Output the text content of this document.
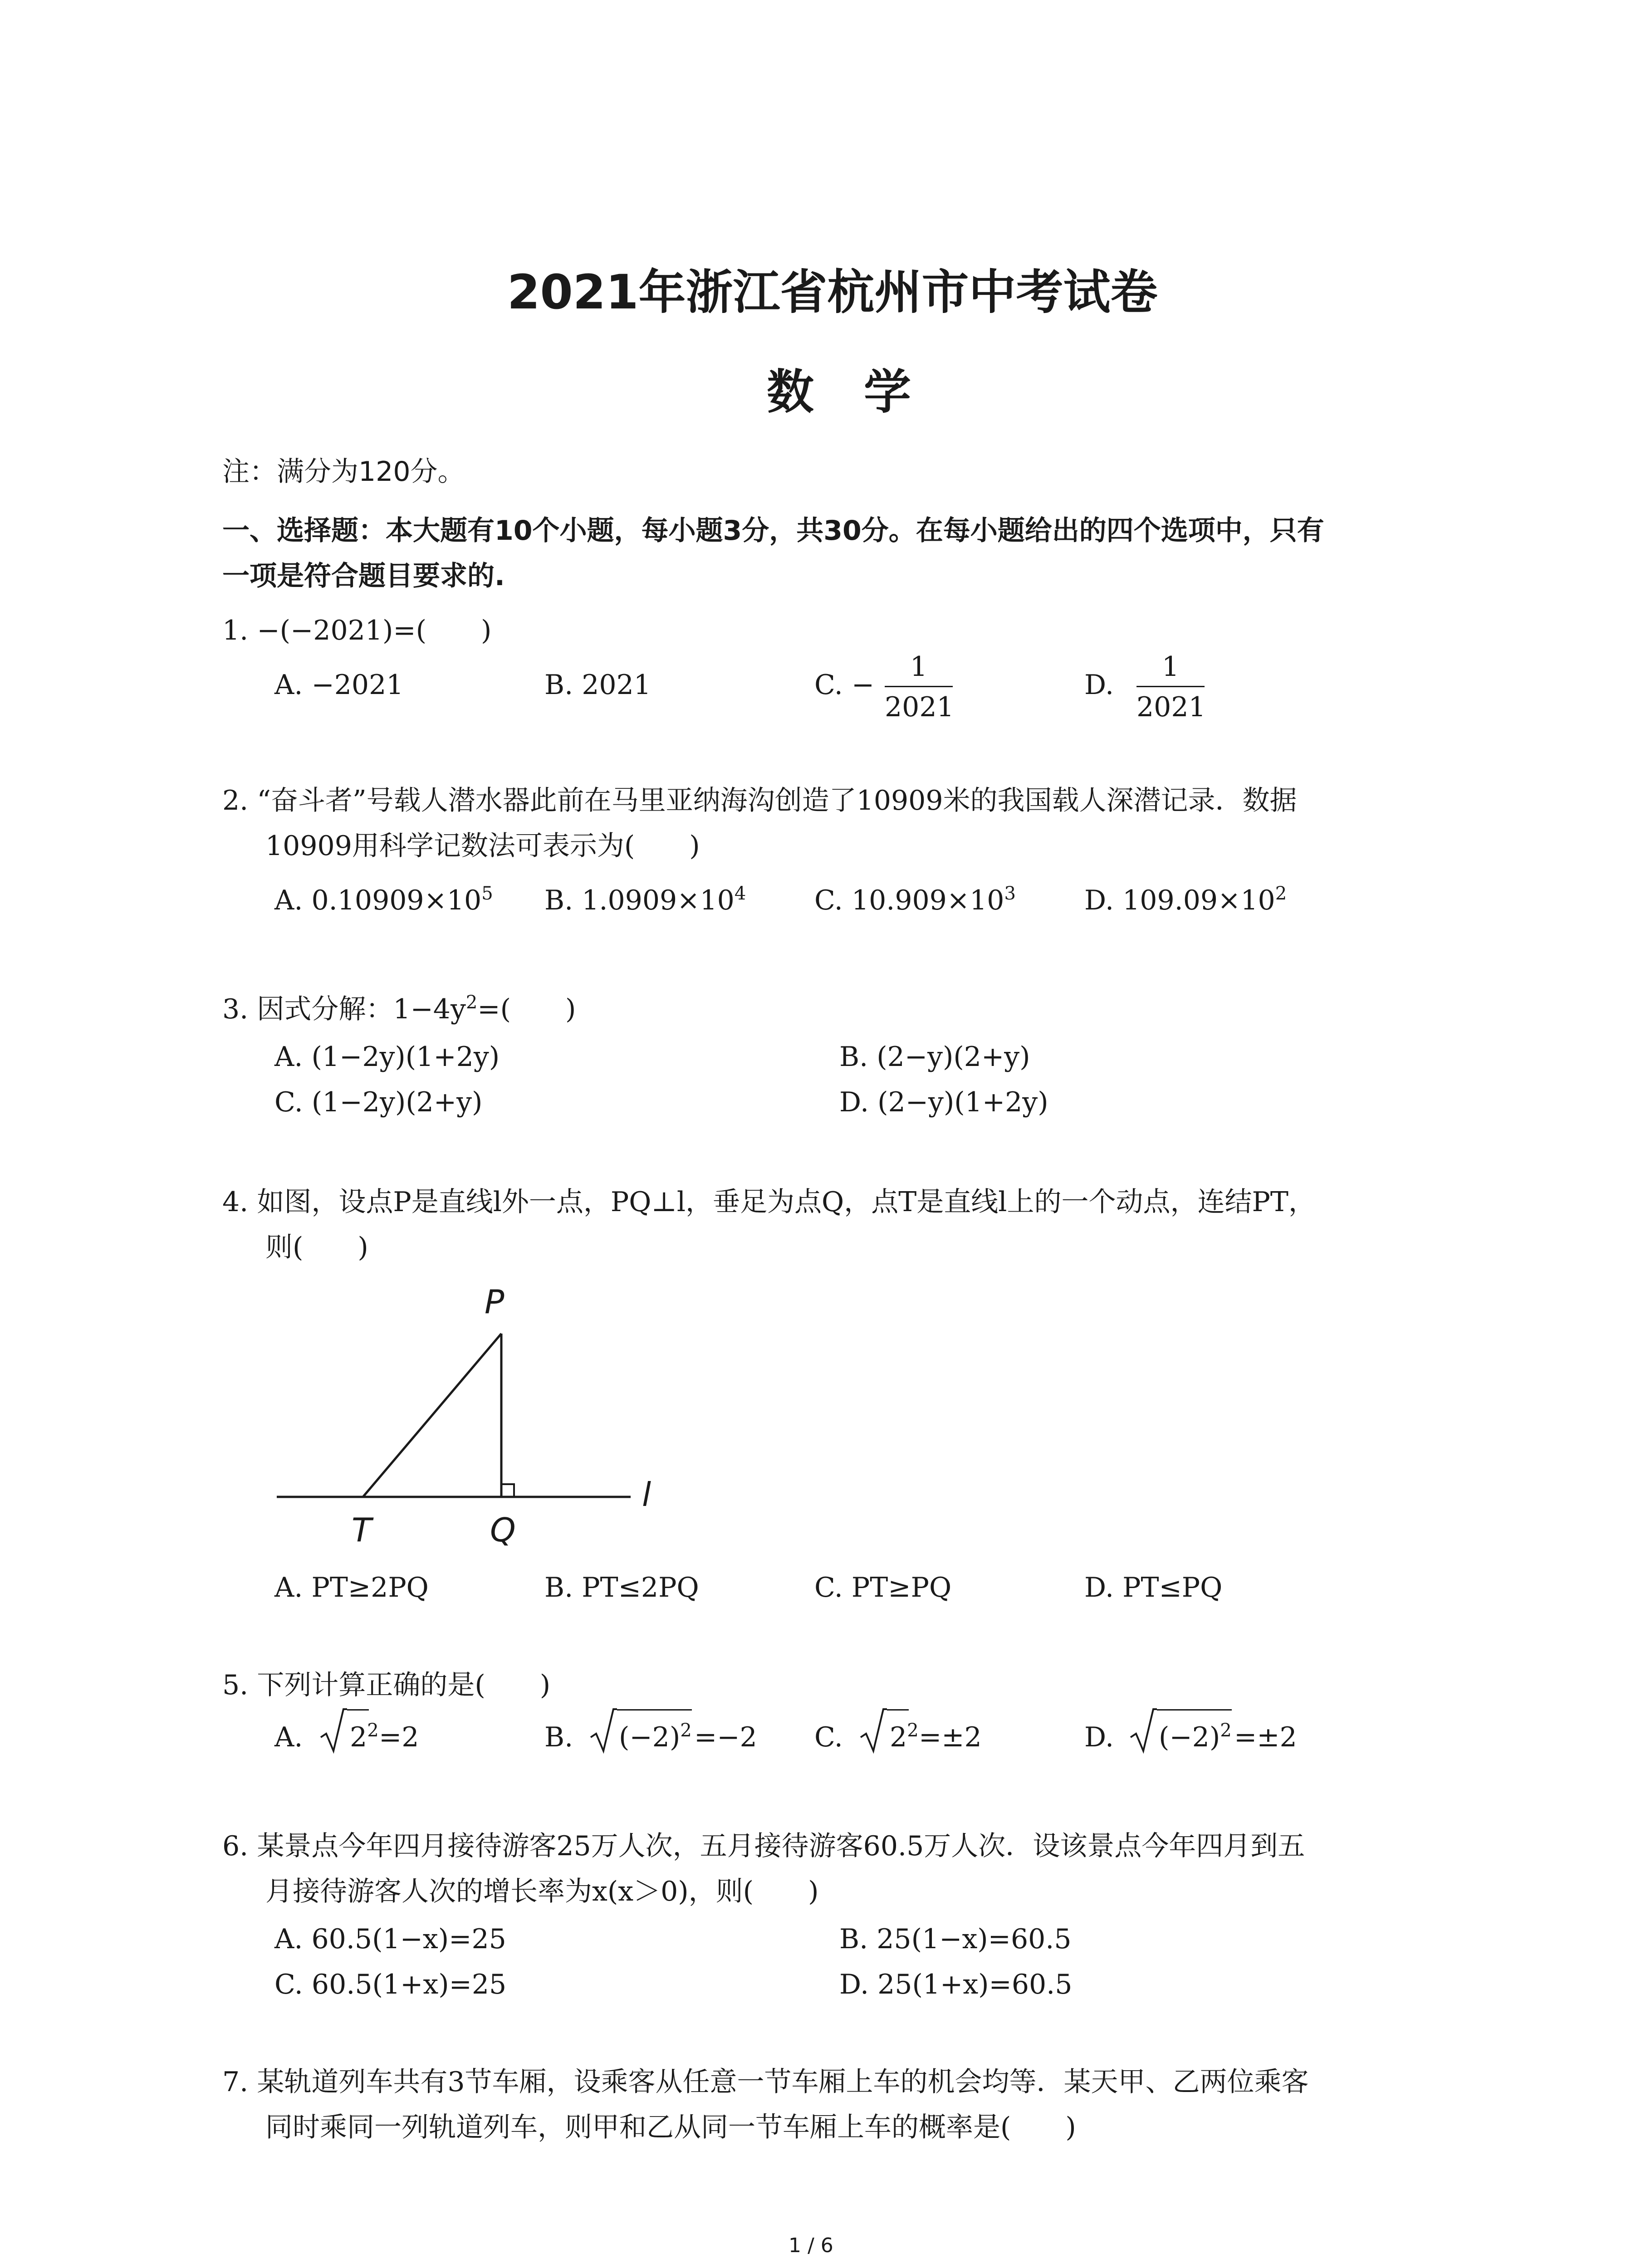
2021年浙江省杭州市中考试卷
数学
注：满分为120分。
一、选择题：本大题有10个小题，每小题3分，共30分。在每小题给出的四个选项中，只有
一项是符合题目要求的.
1. −(−2021)=(　　)
A. −2021	B. 2021	C. −
1
2021
D.
1
2021
2. “奋斗者”号载人潜水器此前在马里亚纳海沟创造了10909米的我国载人深潜记录．数据
10909用科学记数法可表示为(　　)
A. $0.10909\times 10^5$ B. $1.0909\times 10^4$	C. $10.909\times 10^3$	D. $109.09\times 10^2$
3. 因式分解：$1-4y^2=$(　　)
A. (1−2y)(1+2y)	B. (2−y)(2+y)
C. (1−2y)(2+y)	D. (2−y)(1+2y)
4. 如图，设点P是直线l外一点，PQ⊥l，垂足为点Q，点T是直线l上的一个动点，连结PT，
则(　　)
P
T	Q
l
A. PT≥2PQ	B. PT≤2PQ	C. PT≥PQ	D. PT≤PQ
5. 下列计算正确的是(　　)
A. $2^2 =2$	B. $(-2)^2 =-2$ C. $2^2 =\pm 2$	D. $(-2)^2 =\pm 2$
6. 某景点今年四月接待游客25万人次，五月接待游客60.5万人次．设该景点今年四月到五
月接待游客人次的增长率为x(x＞0)，则(　　)
A. 60.5(1−x)=25	B. 25(1−x)=60.5
C. 60.5(1+x)=25	D. 25(1+x)=60.5
7. 某轨道列车共有3节车厢，设乘客从任意一节车厢上车的机会均等．某天甲、乙两位乘客
同时乘同一列轨道列车，则甲和乙从同一节车厢上车的概率是(　　)
1 / 6
